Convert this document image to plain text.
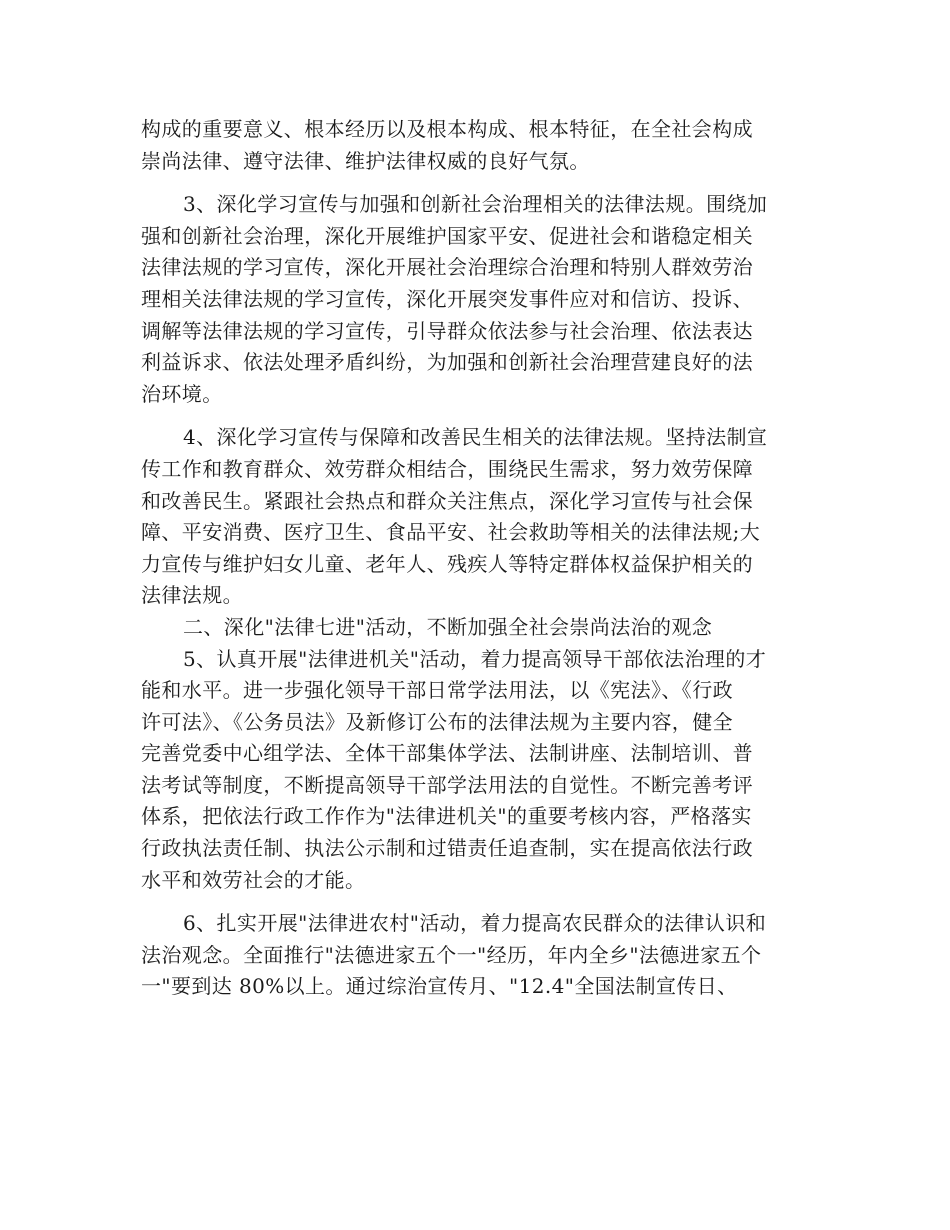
构成的重要意义、根本经历以及根本构成、根本特征，在全社会构成
崇尚法律、遵守法律、维护法律权威的良好气氛。
3、深化学习宣传与加强和创新社会治理相关的法律法规。围绕加
强和创新社会治理，深化开展维护国家平安、促进社会和谐稳定相关
法律法规的学习宣传，深化开展社会治理综合治理和特别人群效劳治
理相关法律法规的学习宣传，深化开展突发事件应对和信访、投诉、
调解等法律法规的学习宣传，引导群众依法参与社会治理、依法表达
利益诉求、依法处理矛盾纠纷，为加强和创新社会治理营建良好的法
治环境。
4、深化学习宣传与保障和改善民生相关的法律法规。坚持法制宣
传工作和教育群众、效劳群众相结合，围绕民生需求，努力效劳保障
和改善民生。紧跟社会热点和群众关注焦点，深化学习宣传与社会保
障、平安消费、医疗卫生、食品平安、社会救助等相关的法律法规;大
力宣传与维护妇女儿童、老年人、残疾人等特定群体权益保护相关的
法律法规。
二、深化"法律七进"活动，不断加强全社会崇尚法治的观念
5、认真开展"法律进机关"活动，着力提高领导干部依法治理的才
能和水平。进一步强化领导干部日常学法用法，以《宪法》、《行政
许可法》、《公务员法》及新修订公布的法律法规为主要内容，健全
完善党委中心组学法、全体干部集体学法、法制讲座、法制培训、普
法考试等制度，不断提高领导干部学法用法的自觉性。不断完善考评
体系，把依法行政工作作为"法律进机关"的重要考核内容，严格落实
行政执法责任制、执法公示制和过错责任追查制，实在提高依法行政
水平和效劳社会的才能。
6、扎实开展"法律进农村"活动，着力提高农民群众的法律认识和
法治观念。全面推行"法德进家五个一"经历，年内全乡"法德进家五个
一"要到达 80%以上。通过综治宣传月、"12.4"全国法制宣传日、
